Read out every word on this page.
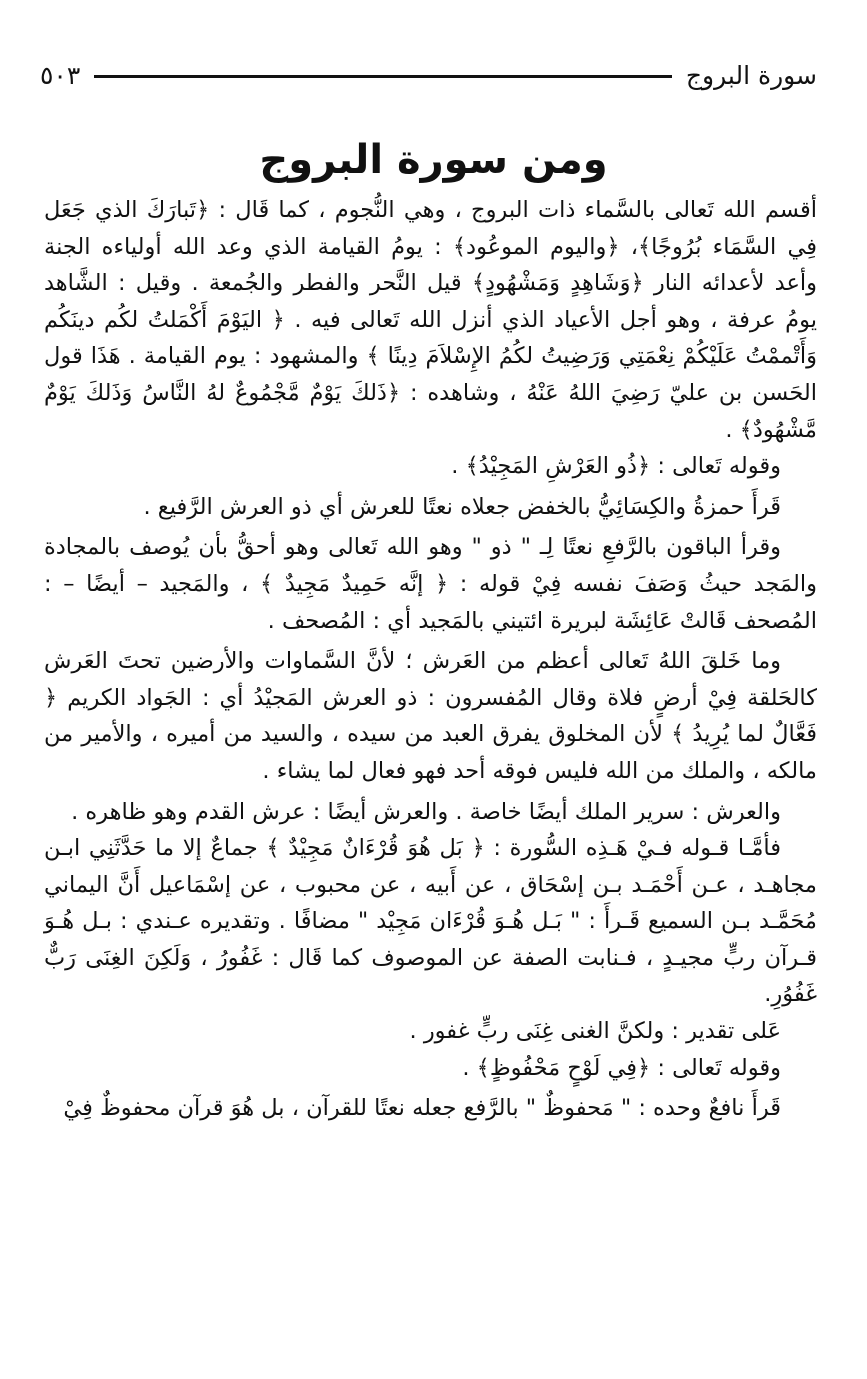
سورة البروج
٥٠٣
ومن سورة البروج

أقسم الله تَعالى بالسَّماء ذات البروج ، وهي النُّجوم ، كما قَال : ﴿تَبارَكَ الذي جَعَل فِي السَّمَاء بُرُوجًا﴾، ﴿واليوم الموعُود﴾ : يومُ القيامة الذي وعد الله أولياءه الجنة وأعد لأعدائه النار ﴿وَشَاهِدٍ وَمَشْهُودٍ﴾ قيل النَّحر والفطر والجُمعة . وقيل : الشَّاهد يومُ عرفة ، وهو أجل الأعياد الذي أنزل الله تَعالى فيه . ﴿ اليَوْمَ أَكْمَلتُ لكُم دينَكُم وَأَتْممْتُ عَلَيْكُمْ نِعْمَتِي وَرَضِيتُ لكُمُ الإِسْلاَمَ دِينًا ﴾ والمشهود : يوم القيامة . هَذَا قول الحَسن بن عليّ رَضِيَ اللهُ عَنْهُ ، وشاهده : ﴿ذَلكَ يَوْمٌ مَّجْمُوعٌ لهُ النَّاسُ وَذَلكَ يَوْمٌ مَّشْهُودٌ﴾ .

وقوله تَعالى : ﴿ذُو العَرْشِ المَجِيْدُ﴾ .

قَرأَ حمزةُ والكِسَائِيُّ بالخفض جعلاه نعتًا للعرش أي ذو العرش الرَّفيع .

وقرأ الباقون بالرَّفعِ نعتًا لِـ " ذو " وهو الله تَعالى وهو أحقُّ بأن يُوصف بالمجادة والمَجد حيثُ وَصَفَ نفسه فِيْ قوله : ﴿ إنَّه حَمِيدٌ مَجِيدٌ ﴾ ، والمَجيد – أيضًا – : المُصحف قَالتْ عَائِشَة لبريرة ائتيني بالمَجيد أي : المُصحف .

وما خَلقَ اللهُ تَعالى أعظم من العَرش ؛ لأنَّ السَّماوات والأرضين تحتَ العَرش كالحَلقة فِيْ أرضٍ فلاة وقال المُفسرون : ذو العرش المَجيْدُ أي : الجَواد الكريم ﴿ فَعَّالٌ لما يُرِيدُ ﴾ لأن المخلوق يفرق العبد من سيده ، والسيد من أميره ، والأمير من مالكه ، والملك من الله فليس فوقه أحد فهو فعال لما يشاء .

والعرش : سرير الملك أيضًا خاصة . والعرش أيضًا : عرش القدم وهو ظاهره .

فأمَّـا قـوله فـيْ هَـذِه السُّورة : ﴿ بَل هُوَ قُرْءَانٌ مَجِيْدٌ ﴾ جماعٌ إلا ما حَدَّثَنِي ابـن مجاهـد ، عـن أَحْمَـد بـن إسْحَاق ، عن أَبيه ، عن محبوب ، عن إسْمَاعيل أَنَّ اليماني مُحَمَّـد بـن السميع قَـرأَ : " بَـل هُـوَ قُرْءَان مَجِيْد " مضافًا . وتقديره عـندي : بـل هُـوَ قـرآن ربٍّ مجيـدٍ ، فـنابت الصفة عن الموصوف كما قَال : غَفُورُ ، وَلَكِنَ الغِنَى رَبٌّ غَفُوُرِ.

عَلى تقدير : ولكنَّ الغنى غِنَى ربٍّ غفور .

وقوله تَعالى : ﴿فِي لَوْحٍ مَحْفُوظٍ﴾ .

قَرأَ نافعٌ وحده : " مَحفوظٌ " بالرَّفع جعله نعتًا للقرآن ، بل هُوَ قرآن محفوظٌ فِيْ
